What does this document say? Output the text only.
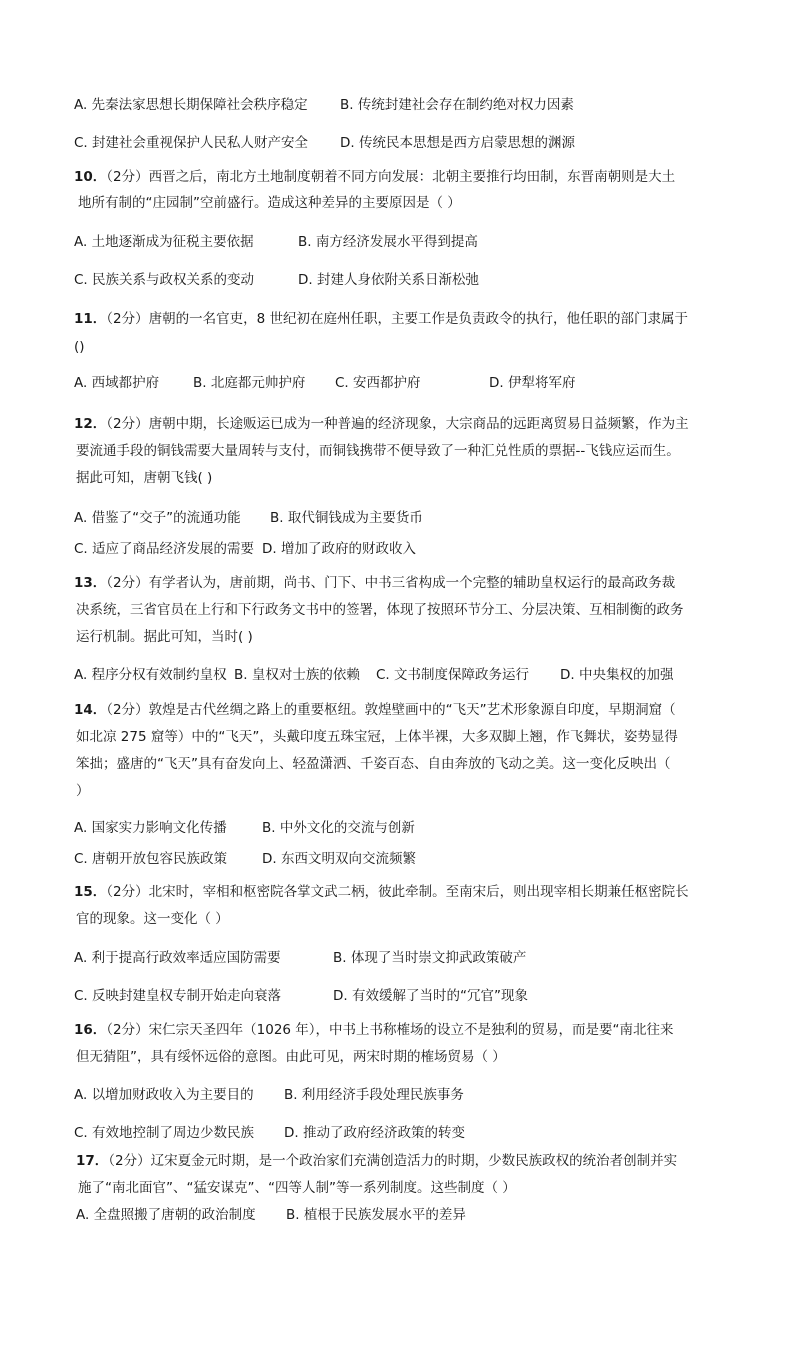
A. 先秦法家思想长期保障社会秩序稳定 B. 传统封建社会存在制约绝对权力因素
C. 封建社会重视保护人民私人财产安全 D. 传统民本思想是西方启蒙思想的渊源
10．（2分）西晋之后，南北方土地制度朝着不同方向发展：北朝主要推行均田制，东晋南朝则是大土
地所有制的“庄园制”空前盛行。造成这种差异的主要原因是（ ）
A. 土地逐渐成为征税主要依据	B. 南方经济发展水平得到提高
C. 民族关系与政权关系的变动	D. 封建人身依附关系日渐松弛
11．（2分）唐朝的一名官吏，8 世纪初在庭州任职，主要工作是负责政令的执行，他任职的部门隶属于
()
A. 西域都护府	B. 北庭都元帅护府 C. 安西都护府	D. 伊犁将军府
12．（2分）唐朝中期，长途贩运已成为一种普遍的经济现象，大宗商品的远距离贸易日益频繁，作为主
要流通手段的铜钱需要大量周转与支付，而铜钱携带不便导致了一种汇兑性质的票据--飞钱应运而生。
据此可知，唐朝飞钱( )
A. 借鉴了“交子”的流通功能 B. 取代铜钱成为主要货币
C. 适应了商品经济发展的需要 D. 增加了政府的财政收入
13．（2分）有学者认为，唐前期，尚书、门下、中书三省构成一个完整的辅助皇权运行的最高政务裁
决系统，三省官员在上行和下行政务文书中的签署，体现了按照环节分工、分层决策、互相制衡的政务
运行机制。据此可知，当时( )
A. 程序分权有效制约皇权 B. 皇权对士族的依赖 C. 文书制度保障政务运行 D. 中央集权的加强
14．（2分）敦煌是古代丝绸之路上的重要枢纽。敦煌壁画中的“飞天”艺术形象源自印度，早期洞窟（
如北凉 275 窟等）中的“飞天”，头戴印度五珠宝冠，上体半裸，大多双脚上翘，作飞舞状，姿势显得
笨拙；盛唐的“飞天”具有奋发向上、轻盈潇洒、千姿百态、自由奔放的飞动之美。这一变化反映出（
）
A. 国家实力影响文化传播	B. 中外文化的交流与创新
C. 唐朝开放包容民族政策	D. 东西文明双向交流频繁
15．（2分）北宋时，宰相和枢密院各掌文武二柄，彼此牵制。至南宋后，则出现宰相长期兼任枢密院长
官的现象。这一变化（ ）
A. 利于提高行政效率适应国防需要	B. 体现了当时崇文抑武政策破产
C. 反映封建皇权专制开始走向衰落	D. 有效缓解了当时的“冗官”现象
16．（2分）宋仁宗天圣四年（1026 年），中书上书称榷场的设立不是独利的贸易，而是要“南北往来
但无猜阻”，具有绥怀远俗的意图。由此可见，两宋时期的榷场贸易（ ）
A. 以增加财政收入为主要目的 B. 利用经济手段处理民族事务
C. 有效地控制了周边少数民族 D. 推动了政府经济政策的转变
17．（2分）辽宋夏金元时期，是一个政治家们充满创造活力的时期，少数民族政权的统治者创制并实
施了“南北面官”、“猛安谋克”、“四等人制”等一系列制度。这些制度（ ）
A. 全盘照搬了唐朝的政治制度 B. 植根于民族发展水平的差异
